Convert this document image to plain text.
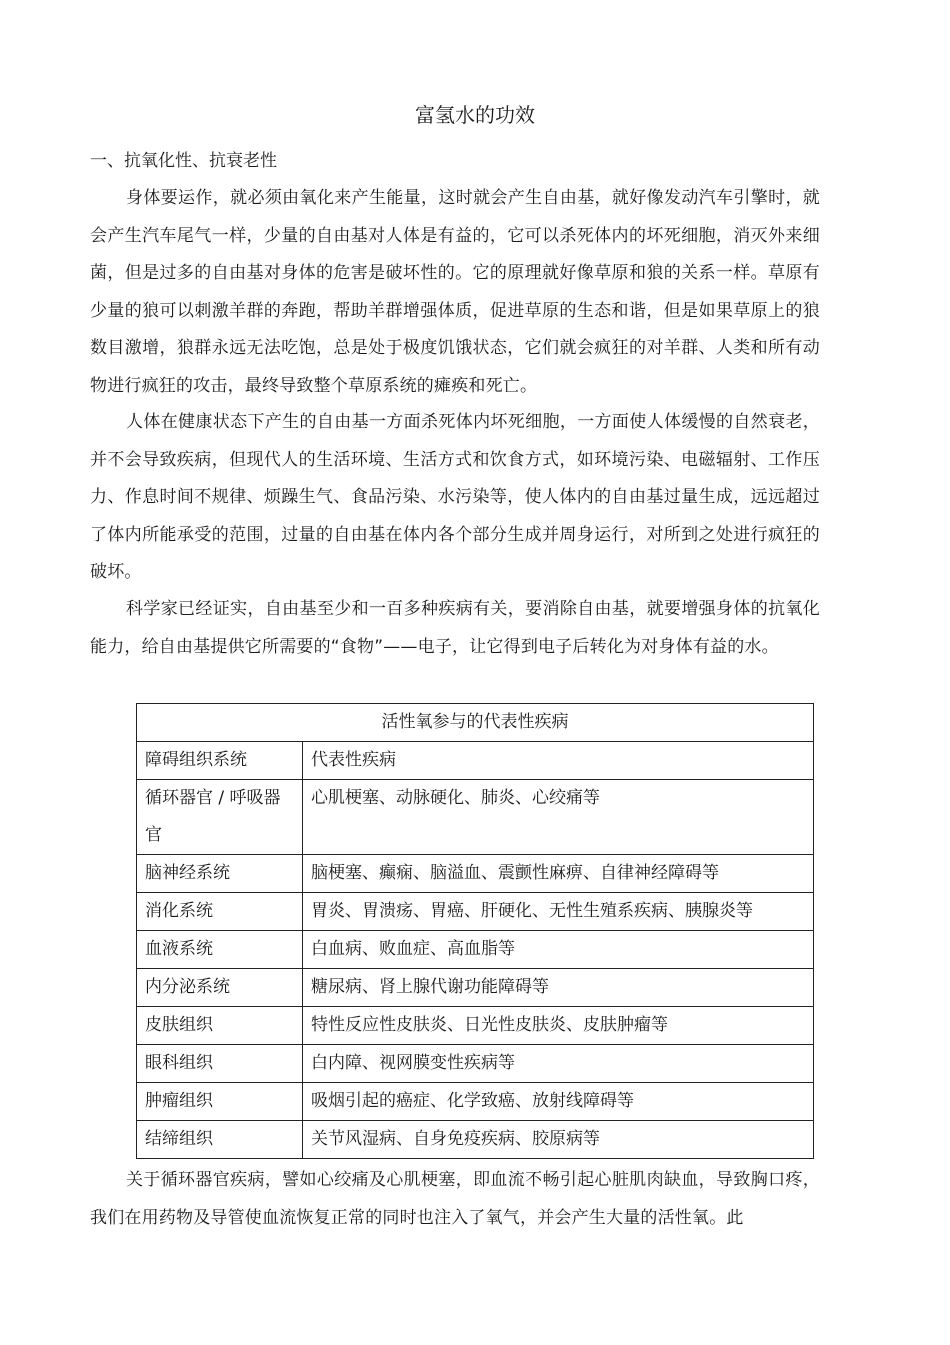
富氢水的功效
一、抗氧化性、抗衰老性

身体要运作，就必须由氧化来产生能量，这时就会产生自由基，就好像发动汽车引擎时，就会产生汽车尾气一样，少量的自由基对人体是有益的，它可以杀死体内的坏死细胞，消灭外来细菌，但是过多的自由基对身体的危害是破坏性的。它的原理就好像草原和狼的关系一样。草原有少量的狼可以刺激羊群的奔跑，帮助羊群增强体质，促进草原的生态和谐，但是如果草原上的狼数目激增，狼群永远无法吃饱，总是处于极度饥饿状态，它们就会疯狂的对羊群、人类和所有动物进行疯狂的攻击，最终导致整个草原系统的瘫痪和死亡。

人体在健康状态下产生的自由基一方面杀死体内坏死细胞，一方面使人体缓慢的自然衰老，并不会导致疾病，但现代人的生活环境、生活方式和饮食方式，如环境污染、电磁辐射、工作压力、作息时间不规律、烦躁生气、食品污染、水污染等，使人体内的自由基过量生成，远远超过了体内所能承受的范围，过量的自由基在体内各个部分生成并周身运行，对所到之处进行疯狂的破坏。

科学家已经证实，自由基至少和一百多种疾病有关，要消除自由基，就要增强身体的抗氧化能力，给自由基提供它所需要的“食物”——电子，让它得到电子后转化为对身体有益的水。

活性氧参与的代表性疾病	
障碍组织系统	代表性疾病
循环器官 / 呼吸器官	心肌梗塞、动脉硬化、肺炎、心绞痛等
脑神经系统	脑梗塞、癫痫、脑溢血、震颤性麻痹、自律神经障碍等
消化系统	胃炎、胃溃疡、胃癌、肝硬化、无性生殖系疾病、胰腺炎等
血液系统	白血病、败血症、高血脂等
内分泌系统	糖尿病、肾上腺代谢功能障碍等
皮肤组织	特性反应性皮肤炎、日光性皮肤炎、皮肤肿瘤等
眼科组织	白内障、视网膜变性疾病等
肿瘤组织	吸烟引起的癌症、化学致癌、放射线障碍等
结缔组织	关节风湿病、自身免疫疾病、胶原病等

关于循环器官疾病，譬如心绞痛及心肌梗塞，即血流不畅引起心脏肌肉缺血，导致胸口疼，我们在用药物及导管使血流恢复正常的同时也注入了氧气，并会产生大量的活性氧。此
